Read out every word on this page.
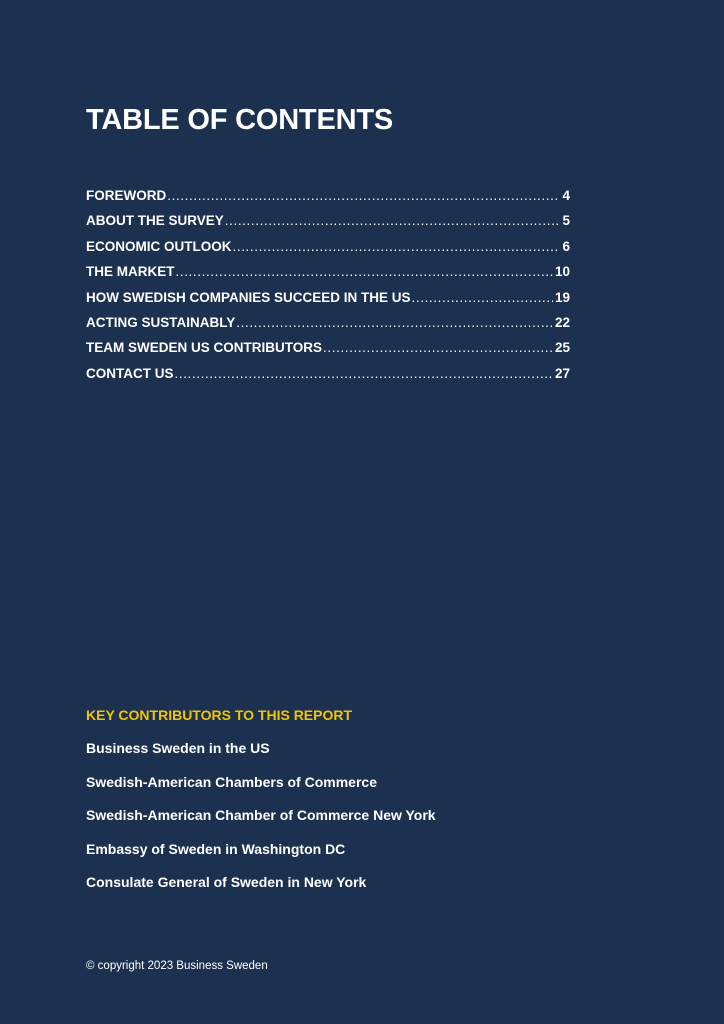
TABLE OF CONTENTS
FOREWORD .....	4
ABOUT THE SURVEY .....	5
ECONOMIC OUTLOOK .....	6
THE MARKET .....	10
HOW SWEDISH COMPANIES SUCCEED IN THE US .....	19
ACTING SUSTAINABLY .....	22
TEAM SWEDEN US CONTRIBUTORS .....	25
CONTACT US .....	27
KEY CONTRIBUTORS TO THIS REPORT
Business Sweden in the US
Swedish-American Chambers of Commerce
Swedish-American Chamber of Commerce New York
Embassy of Sweden in Washington DC
Consulate General of Sweden in New York

© copyright 2023 Business Sweden
